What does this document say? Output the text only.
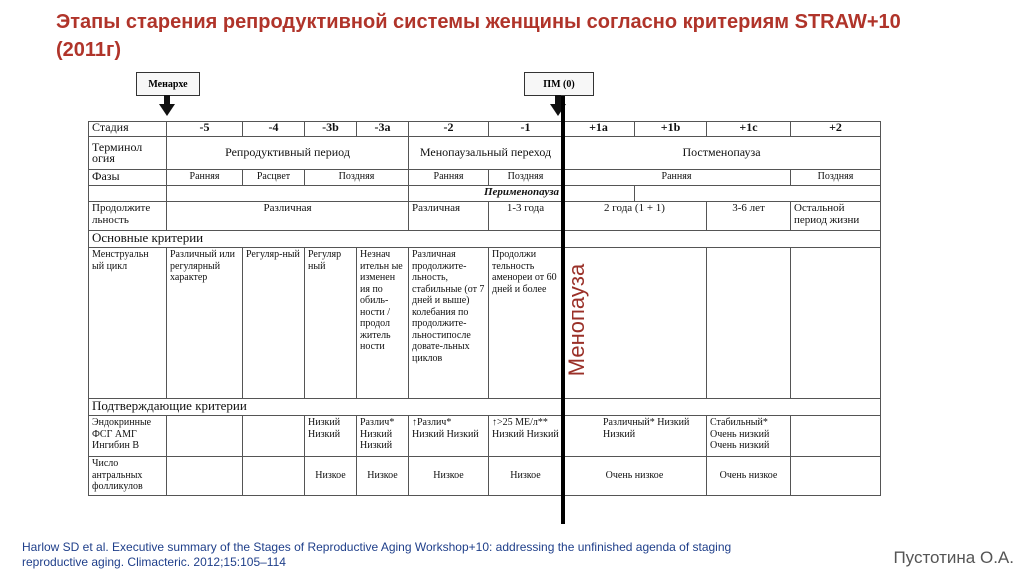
Этапы старения репродуктивной системы женщины согласно критериям STRAW+10 (2011г)
Менархе	ПМ (0)
Стадия	-5	-4	-3b	-3a	-2	-1	+1a	+1b	+1c	+2
Терминол огия	Репродуктивный период				Менопаузальный переход		Постменопауза			
Фазы	Ранняя	Расцвет	Поздняя		Ранняя	Поздняя	Ранняя			Поздняя
					Перименопауза					
Продолжите льность	Различная				Различная	1-3 года	2 года (1 + 1)		3-6 лет	Остальной период жизни
Основные критерии										
Менструальн ый цикл	Различный или регулярный характер	Регуляр-ный	Регуляр ный	Незнач ительн ые изменен ия по обиль-ности / продол житель ности	Различная продолжите-льность, стабильные (от 7 дней и выше) колебания по продолжите-льностипосле довате-льных циклов	Продолжи тельность аменореи от 60 дней и более				
Подтверждающие критерии										
Эндокринные ФСГ АМГ Ингибин В			Низкий Низкий	Различ* Низкий Низкий	↑Различ* Низкий Низкий	↑>25 МЕ/л** Низкий Низкий	Различный* Низкий Низкий		Стабильный* Очень низкий Очень низкий	
Число антральных фолликулов			Низкое	Низкое	Низкое	Низкое	Очень низкое		Очень низкое	
Менопауза
Harlow SD et al. Executive summary of the Stages of Reproductive Aging Workshop+10: addressing the unfinished agenda of staging reproductive aging. Climacteric. 2012;15:105–114	Пустотина О.А.
